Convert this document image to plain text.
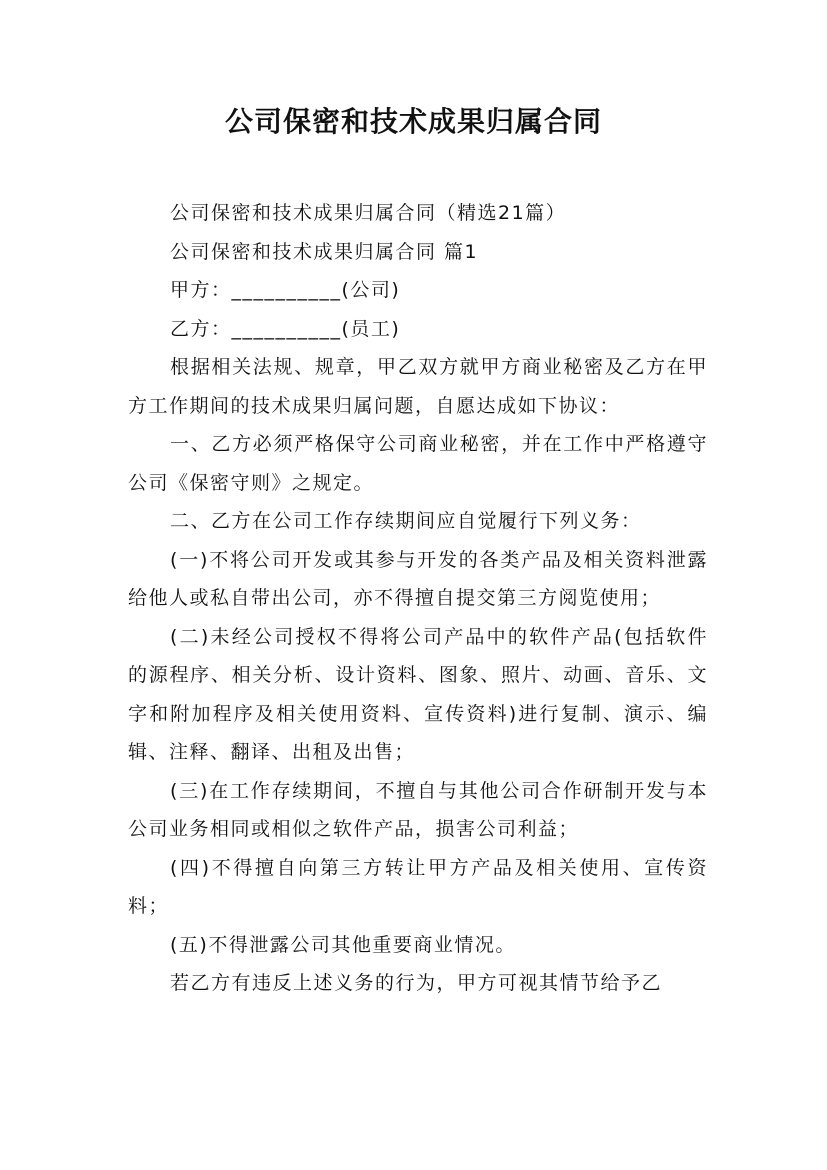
公司保密和技术成果归属合同

公司保密和技术成果归属合同（精选21篇）

公司保密和技术成果归属合同 篇1

甲方：__________(公司)

乙方：__________(员工)

根据相关法规、规章，甲乙双方就甲方商业秘密及乙方在甲方工作期间的技术成果归属问题，自愿达成如下协议：

一、乙方必须严格保守公司商业秘密，并在工作中严格遵守公司《保密守则》之规定。

二、乙方在公司工作存续期间应自觉履行下列义务：

(一)不将公司开发或其参与开发的各类产品及相关资料泄露给他人或私自带出公司，亦不得擅自提交第三方阅览使用；

(二)未经公司授权不得将公司产品中的软件产品(包括软件的源程序、相关分析、设计资料、图象、照片、动画、音乐、文字和附加程序及相关使用资料、宣传资料)进行复制、演示、编辑、注释、翻译、出租及出售；

(三)在工作存续期间，不擅自与其他公司合作研制开发与本公司业务相同或相似之软件产品，损害公司利益；

(四)不得擅自向第三方转让甲方产品及相关使用、宣传资料；

(五)不得泄露公司其他重要商业情况。

若乙方有违反上述义务的行为，甲方可视其情节给予乙
